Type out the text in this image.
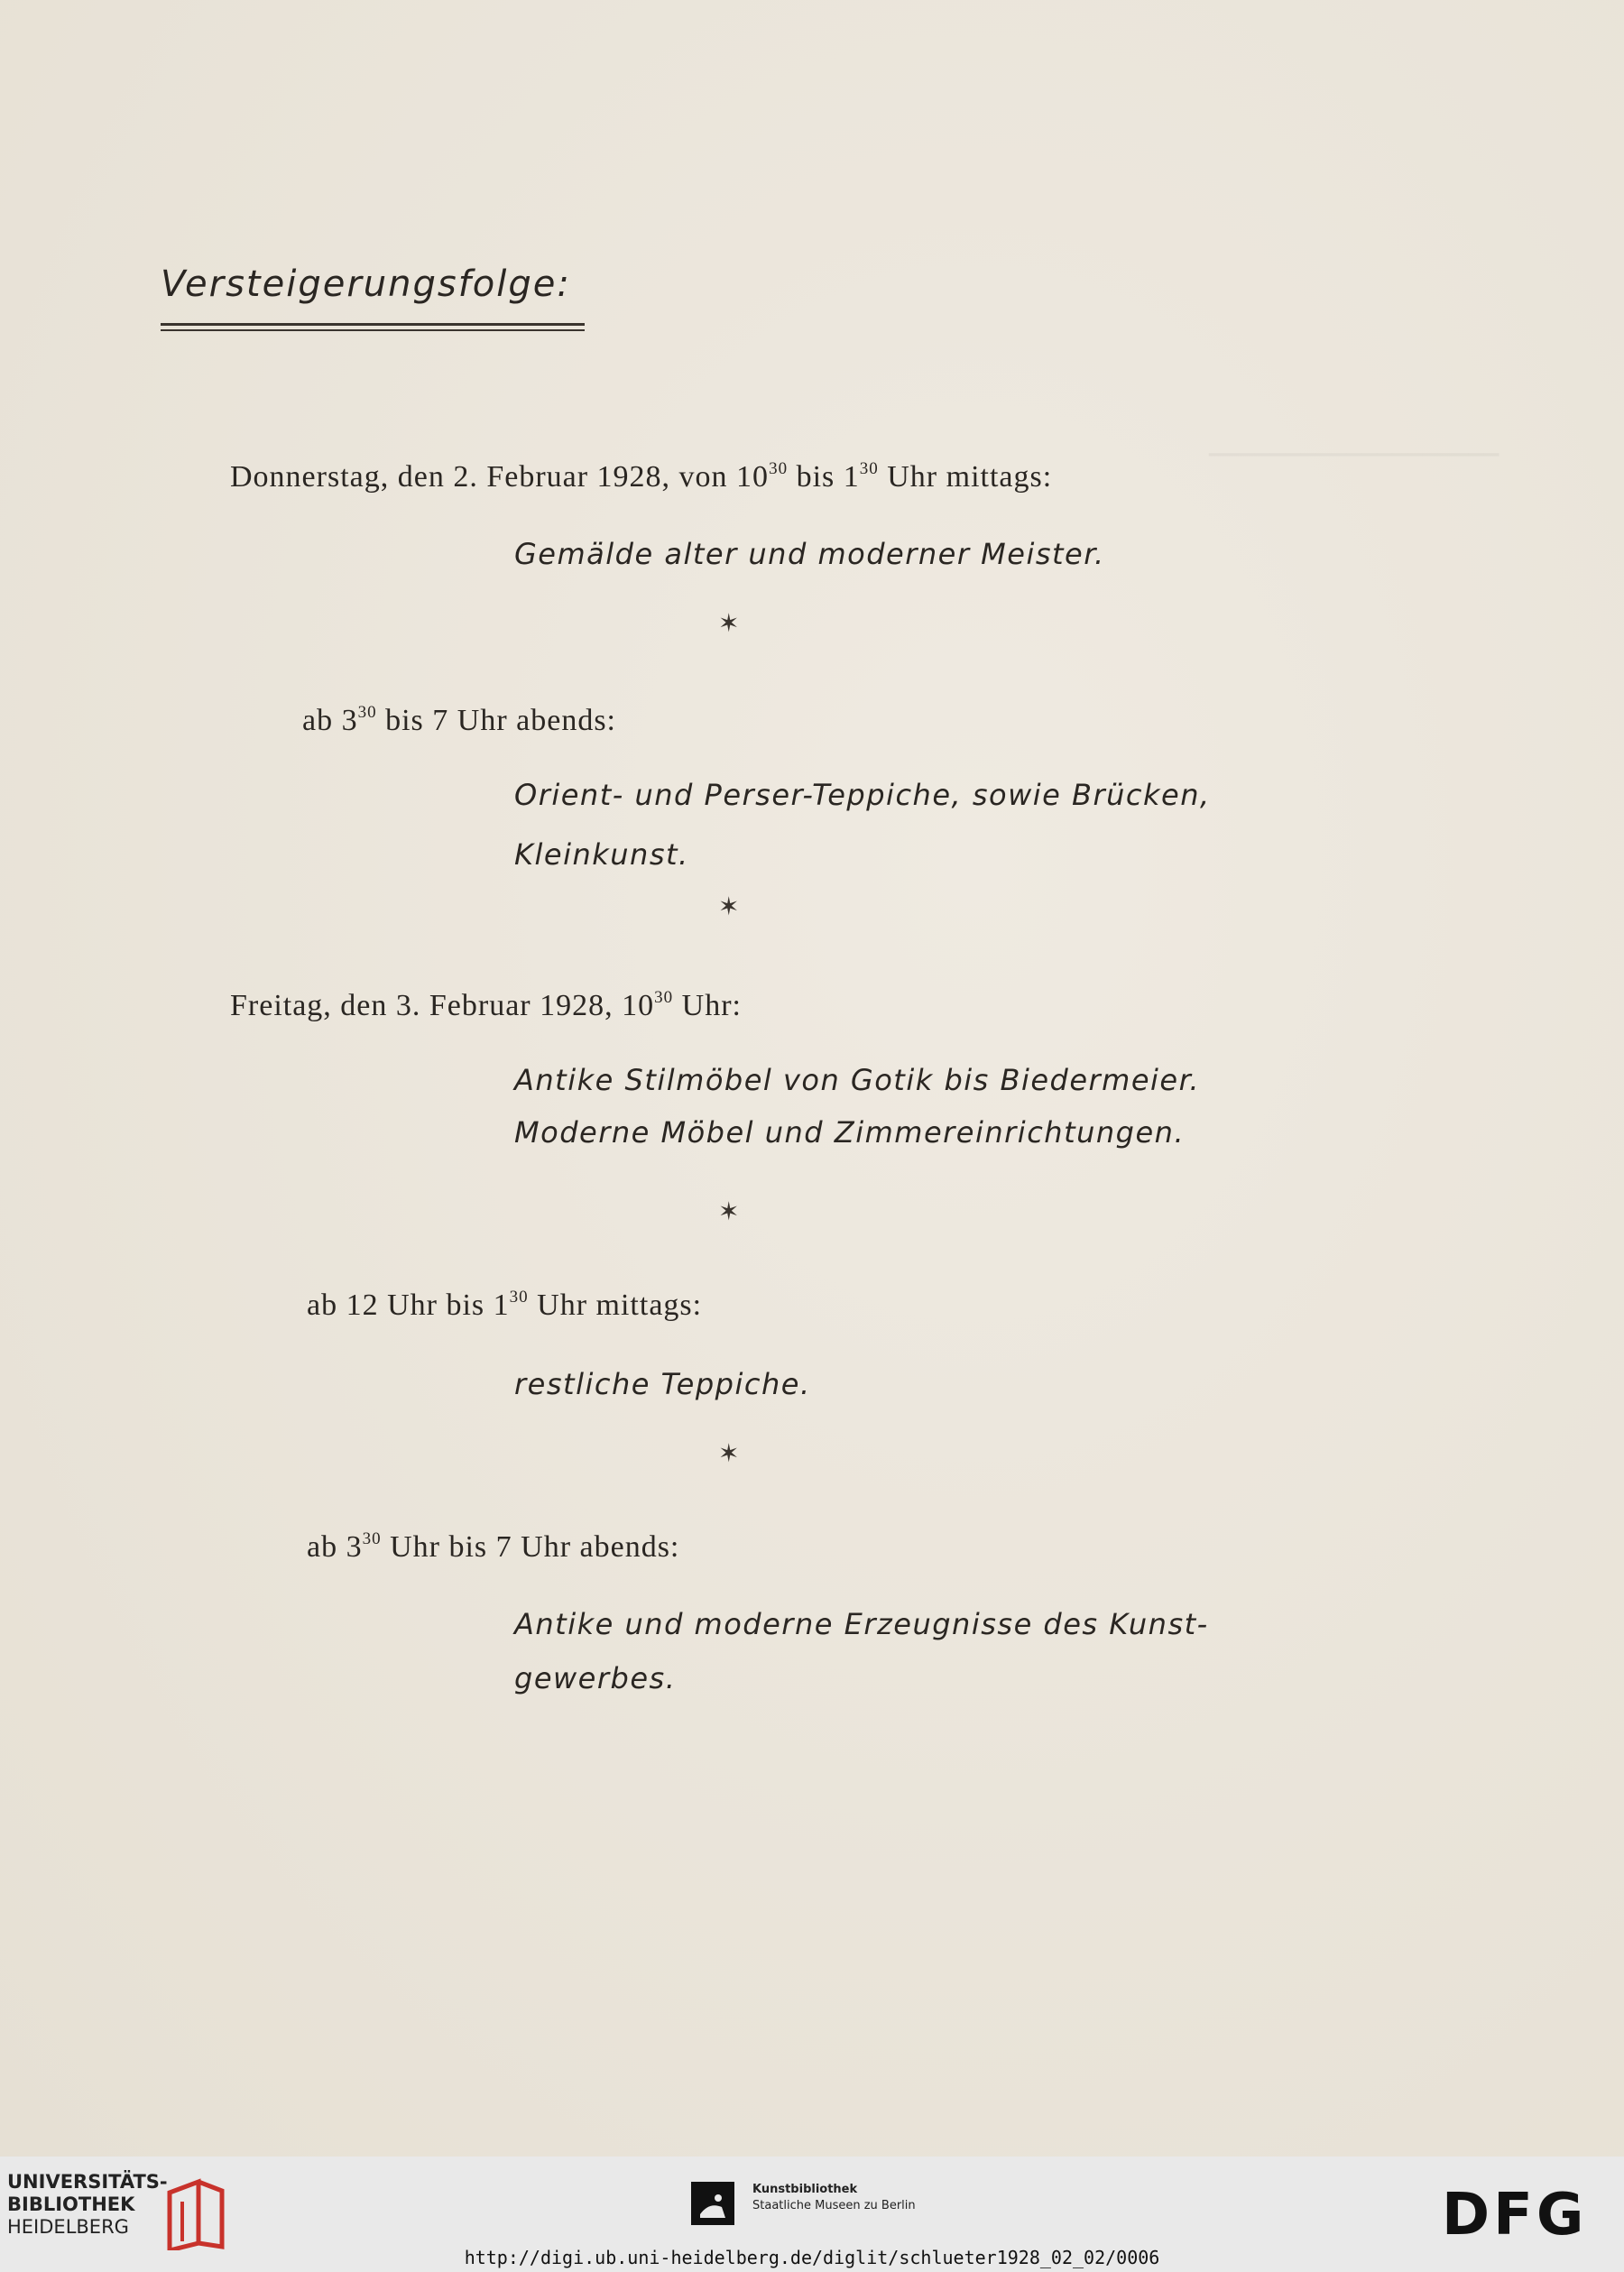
Versteigerungsfolge:

Donnerstag, den 2. Februar 1928, von $10^{30}$ bis $1^{30}$ Uhr mittags:

Gemälde alter und moderner Meister.

✶

ab $3^{30}$ bis 7 Uhr abends:

Orient- und Perser-Teppiche, sowie Brücken,

Kleinkunst.

✶

Freitag, den 3. Februar 1928, $10^{30}$ Uhr:

Antike Stilmöbel von Gotik bis Biedermeier.

Moderne Möbel und Zimmereinrichtungen.

✶

ab 12 Uhr bis $1^{30}$ Uhr mittags:

restliche Teppiche.

✶

ab $3^{30}$ Uhr bis 7 Uhr abends:

Antike und moderne Erzeugnisse des Kunst-

gewerbes.

UNIVERSITÄTS-
BIBLIOTHEK
HEIDELBERG
Kunstbibliothek
Staatliche Museen zu Berlin	DFG
http://digi.ub.uni-heidelberg.de/diglit/schlueter1928_02_02/0006
